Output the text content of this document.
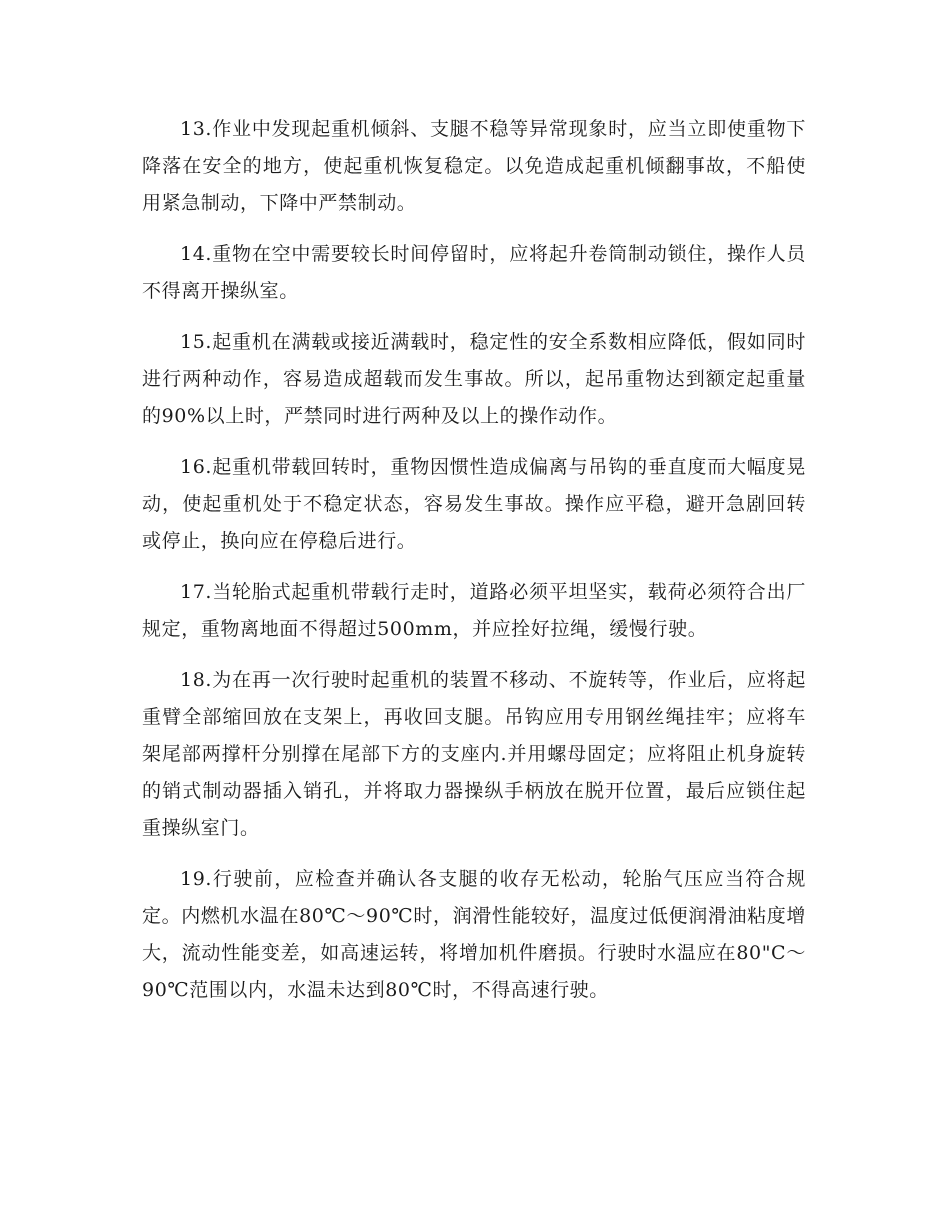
13.作业中发现起重机倾斜、支腿不稳等异常现象时，应当立即使重物下降落在安全的地方，使起重机恢复稳定。以免造成起重机倾翻事故，不船使用紧急制动，下降中严禁制动。

14.重物在空中需要较长时间停留时，应将起升卷筒制动锁住，操作人员不得离开操纵室。

15.起重机在满载或接近满载时，稳定性的安全系数相应降低，假如同时进行两种动作，容易造成超载而发生事故。所以，起吊重物达到额定起重量的90%以上时，严禁同时进行两种及以上的操作动作。

16.起重机带载回转时，重物因惯性造成偏离与吊钩的垂直度而大幅度晃动，使起重机处于不稳定状态，容易发生事故。操作应平稳，避开急剧回转或停止，换向应在停稳后进行。

17.当轮胎式起重机带载行走时，道路必须平坦坚实，载荷必须符合出厂规定，重物离地面不得超过500mm，并应拴好拉绳，缓慢行驶。

18.为在再一次行驶时起重机的装置不移动、不旋转等，作业后，应将起重臂全部缩回放在支架上，再收回支腿。吊钩应用专用钢丝绳挂牢；应将车架尾部两撑杆分别撑在尾部下方的支座内.并用螺母固定；应将阻止机身旋转的销式制动器插入销孔，并将取力器操纵手柄放在脱开位置，最后应锁住起重操纵室门。

19.行驶前，应检查并确认各支腿的收存无松动，轮胎气压应当符合规定。内燃机水温在80℃～90℃时，润滑性能较好，温度过低便润滑油粘度增大，流动性能变差，如高速运转，将增加机件磨损。行驶时水温应在80"C～90℃范围以内，水温未达到80℃时，不得高速行驶。
